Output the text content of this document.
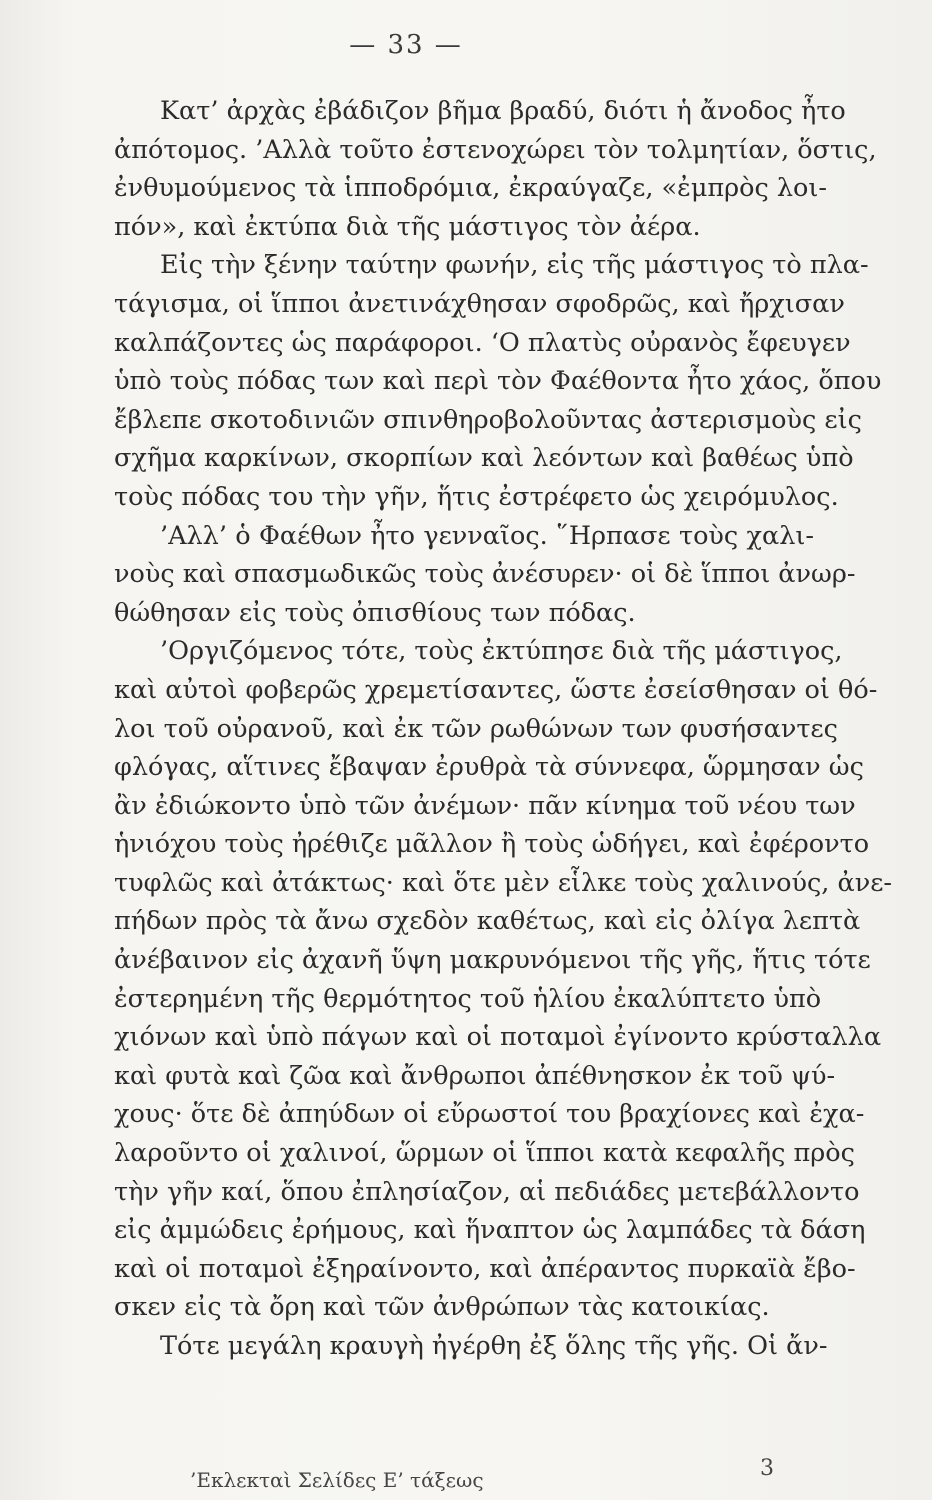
— 33 —
Κατ’ ἀρχὰς ἐβάδιζον βῆμα βραδύ, διότι ἡ ἄνοδος ἦτο
ἀπότομος. ’Αλλὰ τοῦτο ἐστενοχώρει τὸν τολμητίαν, ὅστις,
ἐνθυμούμενος τὰ ἱπποδρόμια, ἐκραύγαζε, «ἐμπρὸς λοι-
πόν», καὶ ἐκτύπα διὰ τῆς μάστιγος τὸν ἀέρα.
Εἰς τὴν ξένην ταύτην φωνήν, εἰς τῆς μάστιγος τὸ πλα-
τάγισμα, οἱ ἵπποι ἀνετινάχθησαν σφοδρῶς, καὶ ἤρχισαν
καλπάζοντες ὡς παράφοροι. ‘Ο πλατὺς οὐρανὸς ἔφευγεν
ὑπὸ τοὺς πόδας των καὶ περὶ τὸν Φαέθοντα ἦτο χάος, ὅπου
ἔβλεπε σκοτοδινιῶν σπινθηροβολοῦντας ἀστερισμοὺς εἰς
σχῆμα καρκίνων, σκορπίων καὶ λεόντων καὶ βαθέως ὑπὸ
τοὺς πόδας του τὴν γῆν, ἥτις ἐστρέφετο ὡς χειρόμυλος.
’Αλλ’ ὁ Φαέθων ἦτο γενναῖος. ῞Ηρπασε τοὺς χαλι-
νοὺς καὶ σπασμωδικῶς τοὺς ἀνέσυρεν· οἱ δὲ ἵπποι ἀνωρ-
θώθησαν εἰς τοὺς ὀπισθίους των πόδας.
’Οργιζόμενος τότε, τοὺς ἐκτύπησε διὰ τῆς μάστιγος,
καὶ αὐτοὶ φοβερῶς χρεμετίσαντες, ὥστε ἐσείσθησαν οἱ θό-
λοι τοῦ οὐρανοῦ, καὶ ἐκ τῶν ρωθώνων των φυσήσαντες
φλόγας, αἵτινες ἔβαψαν ἐρυθρὰ τὰ σύννεφα, ὥρμησαν ὡς
ἂν ἐδιώκοντο ὑπὸ τῶν ἀνέμων· πᾶν κίνημα τοῦ νέου των
ἡνιόχου τοὺς ἠρέθιζε μᾶλλον ἢ τοὺς ὡδήγει, καὶ ἐφέροντο
τυφλῶς καὶ ἀτάκτως· καὶ ὅτε μὲν εἷλκε τοὺς χαλινούς, ἀνε-
πήδων πρὸς τὰ ἄνω σχεδὸν καθέτως, καὶ εἰς ὀλίγα λεπτὰ
ἀνέβαινον εἰς ἀχανῆ ὕψη μακρυνόμενοι τῆς γῆς, ἥτις τότε
ἐστερημένη τῆς θερμότητος τοῦ ἡλίου ἐκαλύπτετο ὑπὸ
χιόνων καὶ ὑπὸ πάγων καὶ οἱ ποταμοὶ ἐγίνοντο κρύσταλλα
καὶ φυτὰ καὶ ζῶα καὶ ἄνθρωποι ἀπέθνησκον ἐκ τοῦ ψύ-
χους· ὅτε δὲ ἀπηύδων οἱ εὔρωστοί του βραχίονες καὶ ἐχα-
λαροῦντο οἱ χαλινοί, ὥρμων οἱ ἵπποι κατὰ κεφαλῆς πρὸς
τὴν γῆν καί, ὅπου ἐπλησίαζον, αἱ πεδιάδες μετεβάλλοντο
εἰς ἀμμώδεις ἐρήμους, καὶ ἥναπτον ὡς λαμπάδες τὰ δάση
καὶ οἱ ποταμοὶ ἐξηραίνοντο, καὶ ἀπέραντος πυρκαϊὰ ἔβο-
σκεν εἰς τὰ ὄρη καὶ τῶν ἀνθρώπων τὰς κατοικίας.
Τότε μεγάλη κραυγὴ ἠγέρθη ἐξ ὅλης τῆς γῆς. Οἱ ἄν-
’Εκλεκταὶ Σελίδες Ε’ τάξεως	3
